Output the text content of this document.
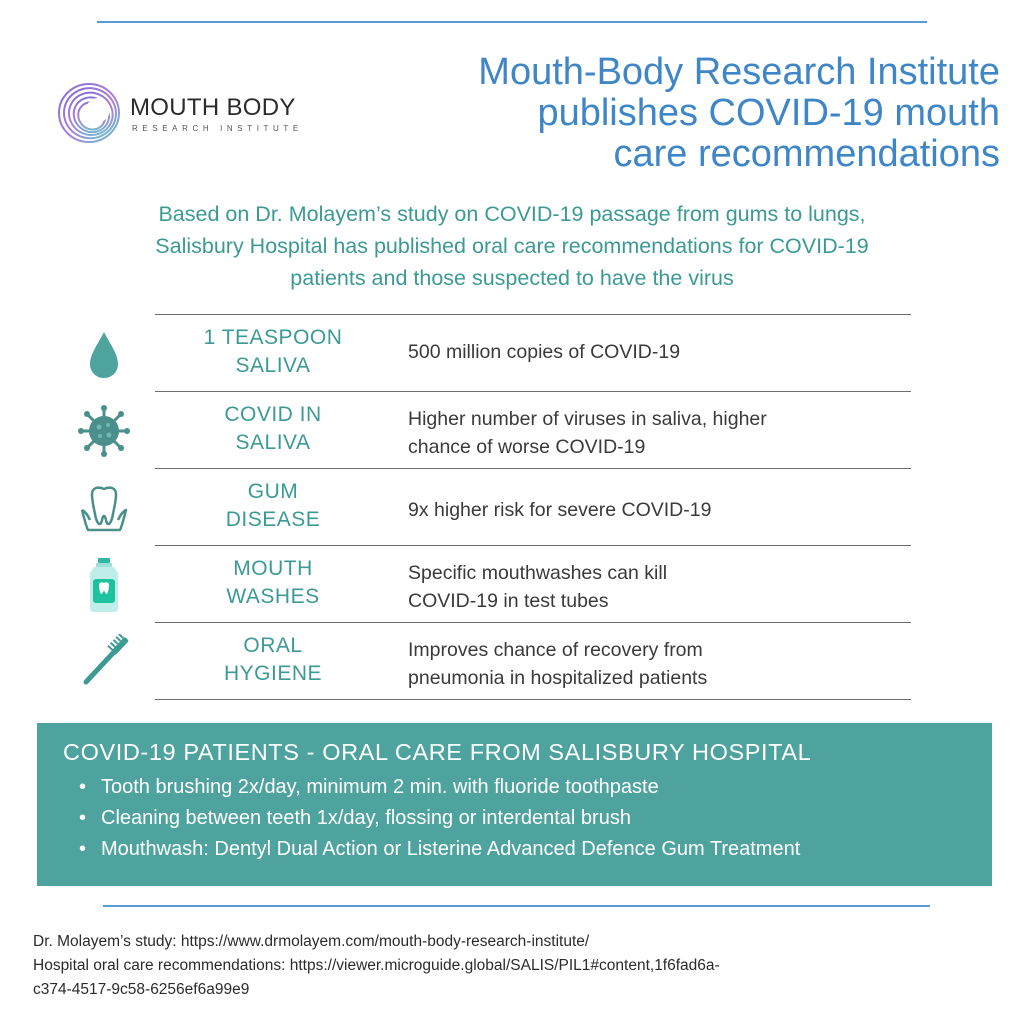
MOUTH BODY
RESEARCH INSTITUTE
Mouth-Body Research Institute
publishes COVID-19 mouth
care recommendations
Based on Dr. Molayem’s study on COVID-19 passage from gums to lungs,
Salisbury Hospital has published oral care recommendations for COVID-19
patients and those suspected to have the virus
1 TEASPOON
SALIVA
500 million copies of COVID-19
COVID IN
SALIVA
Higher number of viruses in saliva, higher
chance of worse COVID-19
GUM
DISEASE	9x higher risk for severe COVID-19
MOUTH
WASHES
Specific mouthwashes can kill
COVID-19 in test tubes
ORAL
HYGIENE
Improves chance of recovery from
pneumonia in hospitalized patients
COVID-19 PATIENTS - ORAL CARE FROM SALISBURY HOSPITAL
• Tooth brushing 2x/day, minimum 2 min. with fluoride toothpaste
• Cleaning between teeth 1x/day, flossing or interdental brush
• Mouthwash: Dentyl Dual Action or Listerine Advanced Defence Gum Treatment
Dr. Molayem’s study: https://www.drmolayem.com/mouth-body-research-institute/
Hospital oral care recommendations: https://viewer.microguide.global/SALIS/PIL1#content,1f6fad6a-
c374-4517-9c58-6256ef6a99e9
